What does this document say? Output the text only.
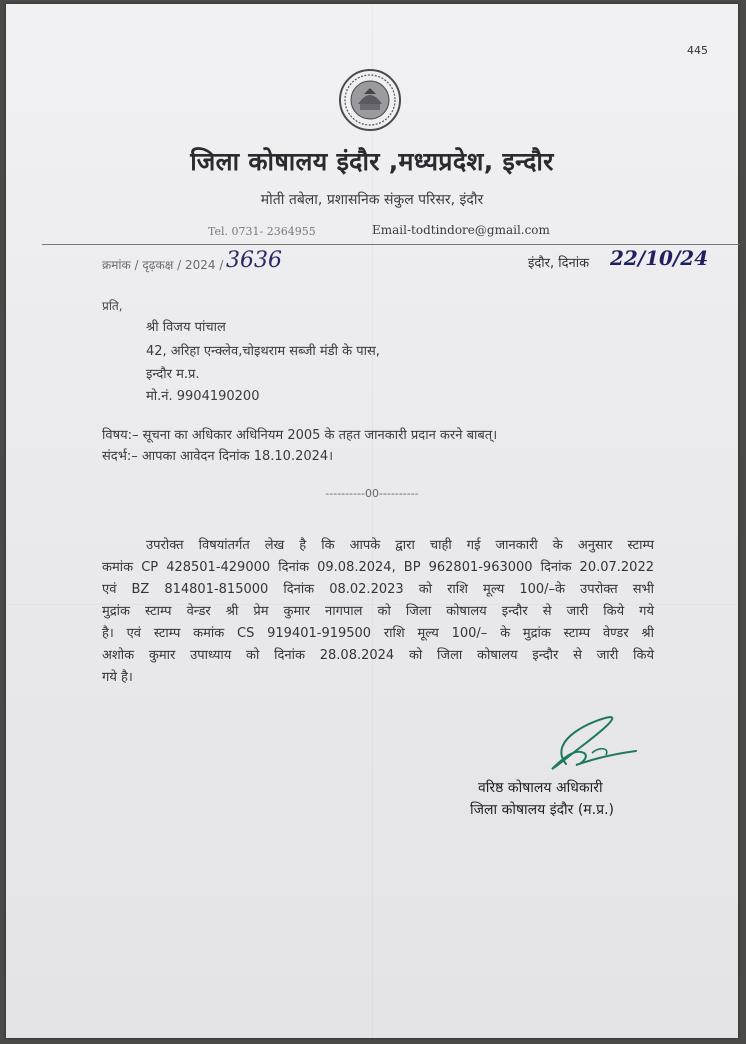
445
जिला कोषालय इंदौर ,मध्यप्रदेश, इन्दौर
मोती तबेला, प्रशासनिक संकुल परिसर, इंदौर
Tel. 0731- 2364955	Email-todtindore@gmail.com
क्रमांक / दृढ़कक्ष / 2024 / 3636	इंदौर, दिनांक 22/10/24
प्रति,
श्री विजय पांचाल
42, अरिहा एन्क्लेव,चोइथराम सब्जी मंडी के पास,
इन्दौर म.प्र.
मो.नं. 9904190200
विषय:– सूचना का अधिकार अधिनियम 2005 के तहत जानकारी प्रदान करने बाबत्।
संदर्भ:– आपका आवेदन दिनांक 18.10.2024।
----------00----------
उपरोक्त विषयांतर्गत लेख है कि आपके द्वारा चाही गई जानकारी के अनुसार स्टाम्प
कमांक CP 428501-429000 दिनांक 09.08.2024, BP 962801-963000 दिनांक 20.07.2022
एवं BZ 814801-815000 दिनांक 08.02.2023 को राशि मूल्य 100/–के उपरोक्त सभी
मुद्रांक स्टाम्प वेन्डर श्री प्रेम कुमार नागपाल को जिला कोषालय इन्दौर से जारी किये गये
है। एवं स्टाम्प कमांक CS 919401-919500 राशि मूल्य 100/– के मुद्रांक स्टाम्प वेण्डर श्री
अशोक कुमार उपाध्याय को दिनांक 28.08.2024 को जिला कोषालय इन्दौर से जारी किये
गये है।
वरिष्ठ कोषालय अधिकारी
जिला कोषालय इंदौर (म.प्र.)
